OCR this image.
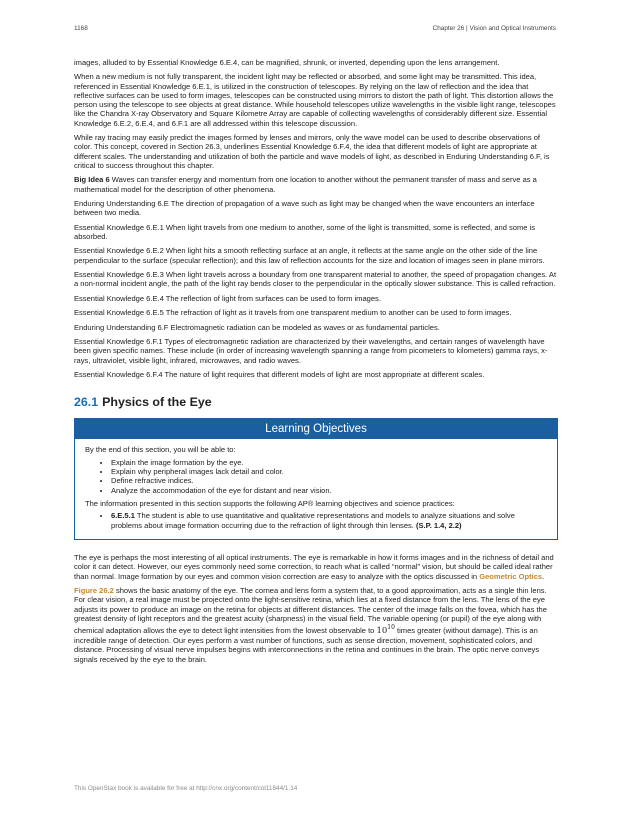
1168	Chapter 26 | Vision and Optical Instruments

images, alluded to by Essential Knowledge 6.E.4, can be magnified, shrunk, or inverted, depending upon the lens arrangement.

When a new medium is not fully transparent, the incident light may be reflected or absorbed, and some light may be transmitted. This idea, referenced in Essential Knowledge 6.E.1, is utilized in the construction of telescopes. By relying on the law of reflection and the idea that reflective surfaces can be used to form images, telescopes can be constructed using mirrors to distort the path of light. This distortion allows the person using the telescope to see objects at great distance. While household telescopes utilize wavelengths in the visible light range, telescopes like the Chandra X-ray Observatory and Square Kilometre Array are capable of collecting wavelengths of considerably different size. Essential Knowledge 6.E.2, 6.E.4, and 6.F.1 are all addressed within this telescope discussion.

While ray tracing may easily predict the images formed by lenses and mirrors, only the wave model can be used to describe observations of color. This concept, covered in Section 26.3, underlines Essential Knowledge 6.F.4, the idea that different models of light are appropriate at different scales. The understanding and utilization of both the particle and wave models of light, as described in Enduring Understanding 6.F, is critical to success throughout this chapter.

Big Idea 6 Waves can transfer energy and momentum from one location to another without the permanent transfer of mass and serve as a mathematical model for the description of other phenomena.

Enduring Understanding 6.E The direction of propagation of a wave such as light may be changed when the wave encounters an interface between two media.

Essential Knowledge 6.E.1 When light travels from one medium to another, some of the light is transmitted, some is reflected, and some is absorbed.

Essential Knowledge 6.E.2 When light hits a smooth reflecting surface at an angle, it reflects at the same angle on the other side of the line perpendicular to the surface (specular reflection); and this law of reflection accounts for the size and location of images seen in plane mirrors.

Essential Knowledge 6.E.3 When light travels across a boundary from one transparent material to another, the speed of propagation changes. At a non-normal incident angle, the path of the light ray bends closer to the perpendicular in the optically slower substance. This is called refraction.

Essential Knowledge 6.E.4 The reflection of light from surfaces can be used to form images.

Essential Knowledge 6.E.5 The refraction of light as it travels from one transparent medium to another can be used to form images.

Enduring Understanding 6.F Electromagnetic radiation can be modeled as waves or as fundamental particles.

Essential Knowledge 6.F.1 Types of electromagnetic radiation are characterized by their wavelengths, and certain ranges of wavelength have been given specific names. These include (in order of increasing wavelength spanning a range from picometers to kilometers) gamma rays, x-rays, ultraviolet, visible light, infrared, microwaves, and radio waves.

Essential Knowledge 6.F.4 The nature of light requires that different models of light are most appropriate at different scales.

26.1 Physics of the Eye
Learning Objectives

By the end of this section, you will be able to:

• Explain the image formation by the eye.
• Explain why peripheral images lack detail and color.
• Define refractive indices.
• Analyze the accommodation of the eye for distant and near vision.

The information presented in this section supports the following AP® learning objectives and science practices:

• 6.E.5.1 The student is able to use quantitative and qualitative representations and models to analyze situations and solve problems about image formation occurring due to the refraction of light through thin lenses. (S.P. 1.4, 2.2)

The eye is perhaps the most interesting of all optical instruments. The eye is remarkable in how it forms images and in the richness of detail and color it can detect. However, our eyes commonly need some correction, to reach what is called “normal” vision, but should be called ideal rather than normal. Image formation by our eyes and common vision correction are easy to analyze with the optics discussed in Geometric Optics.

Figure 26.2 shows the basic anatomy of the eye. The cornea and lens form a system that, to a good approximation, acts as a single thin lens. For clear vision, a real image must be projected onto the light-sensitive retina, which lies at a fixed distance from the lens. The lens of the eye adjusts its power to produce an image on the retina for objects at different distances. The center of the image falls on the fovea, which has the greatest density of light receptors and the greatest acuity (sharpness) in the visual field. The variable opening (or pupil) of the eye along with chemical adaptation allows the eye to detect light intensities from the lowest observable to $10^{10}$ times greater (without damage). This is an incredible range of detection. Our eyes perform a vast number of functions, such as sense direction, movement, sophisticated colors, and distance. Processing of visual nerve impulses begins with interconnections in the retina and continues in the brain. The optic nerve conveys signals received by the eye to the brain.

This OpenStax book is available for free at http://cnx.org/content/col11844/1.14
